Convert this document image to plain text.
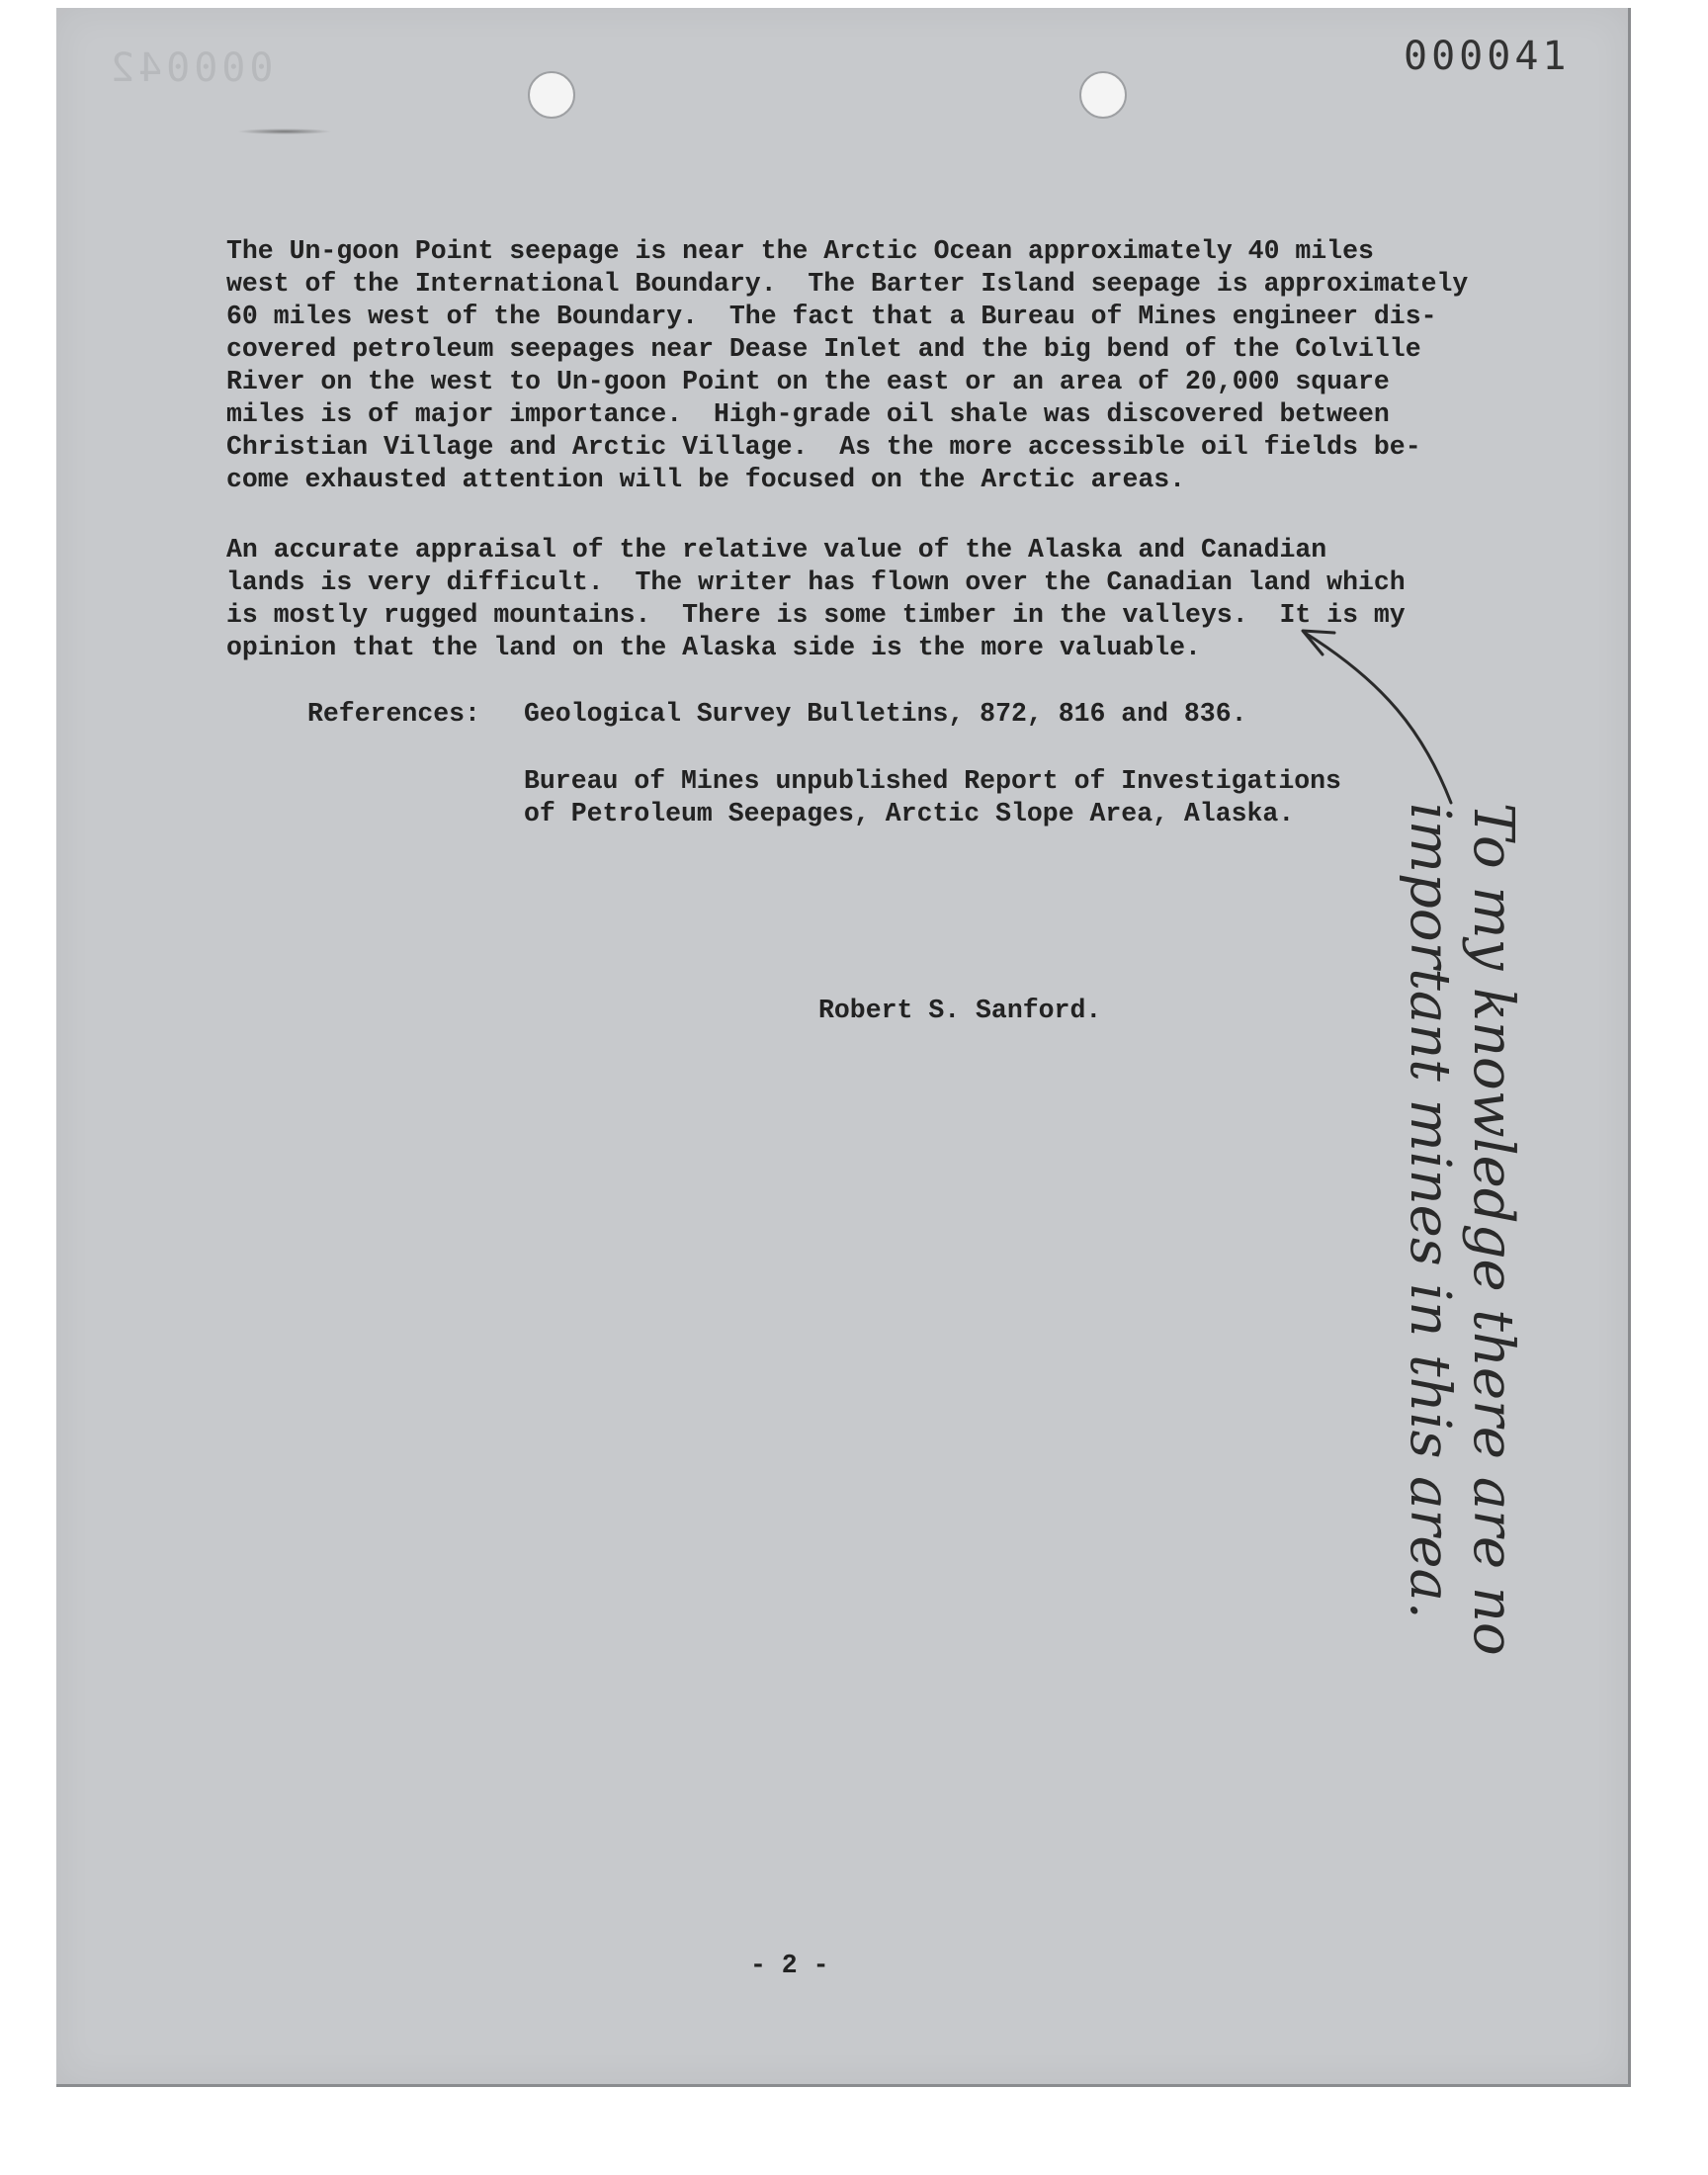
000042	000041

The Un-goon Point seepage is near the Arctic Ocean approximately 40 miles
west of the International Boundary.  The Barter Island seepage is approximately
60 miles west of the Boundary.  The fact that a Bureau of Mines engineer dis-
covered petroleum seepages near Dease Inlet and the big bend of the Colville
River on the west to Un-goon Point on the east or an area of 20,000 square
miles is of major importance.  High-grade oil shale was discovered between
Christian Village and Arctic Village.  As the more accessible oil fields be-
come exhausted attention will be focused on the Arctic areas.

An accurate appraisal of the relative value of the Alaska and Canadian
lands is very difficult.  The writer has flown over the Canadian land which
is mostly rugged mountains.  There is some timber in the valleys.  It is my
opinion that the land on the Alaska side is the more valuable.

References: Geological Survey Bulletins, 872, 816 and 836.
Bureau of Mines unpublished Report of Investigations
of Petroleum Seepages, Arctic Slope Area, Alaska.
Robert S. Sanford.
To my knowledge there are no
important mines in this area.
- 2 -
